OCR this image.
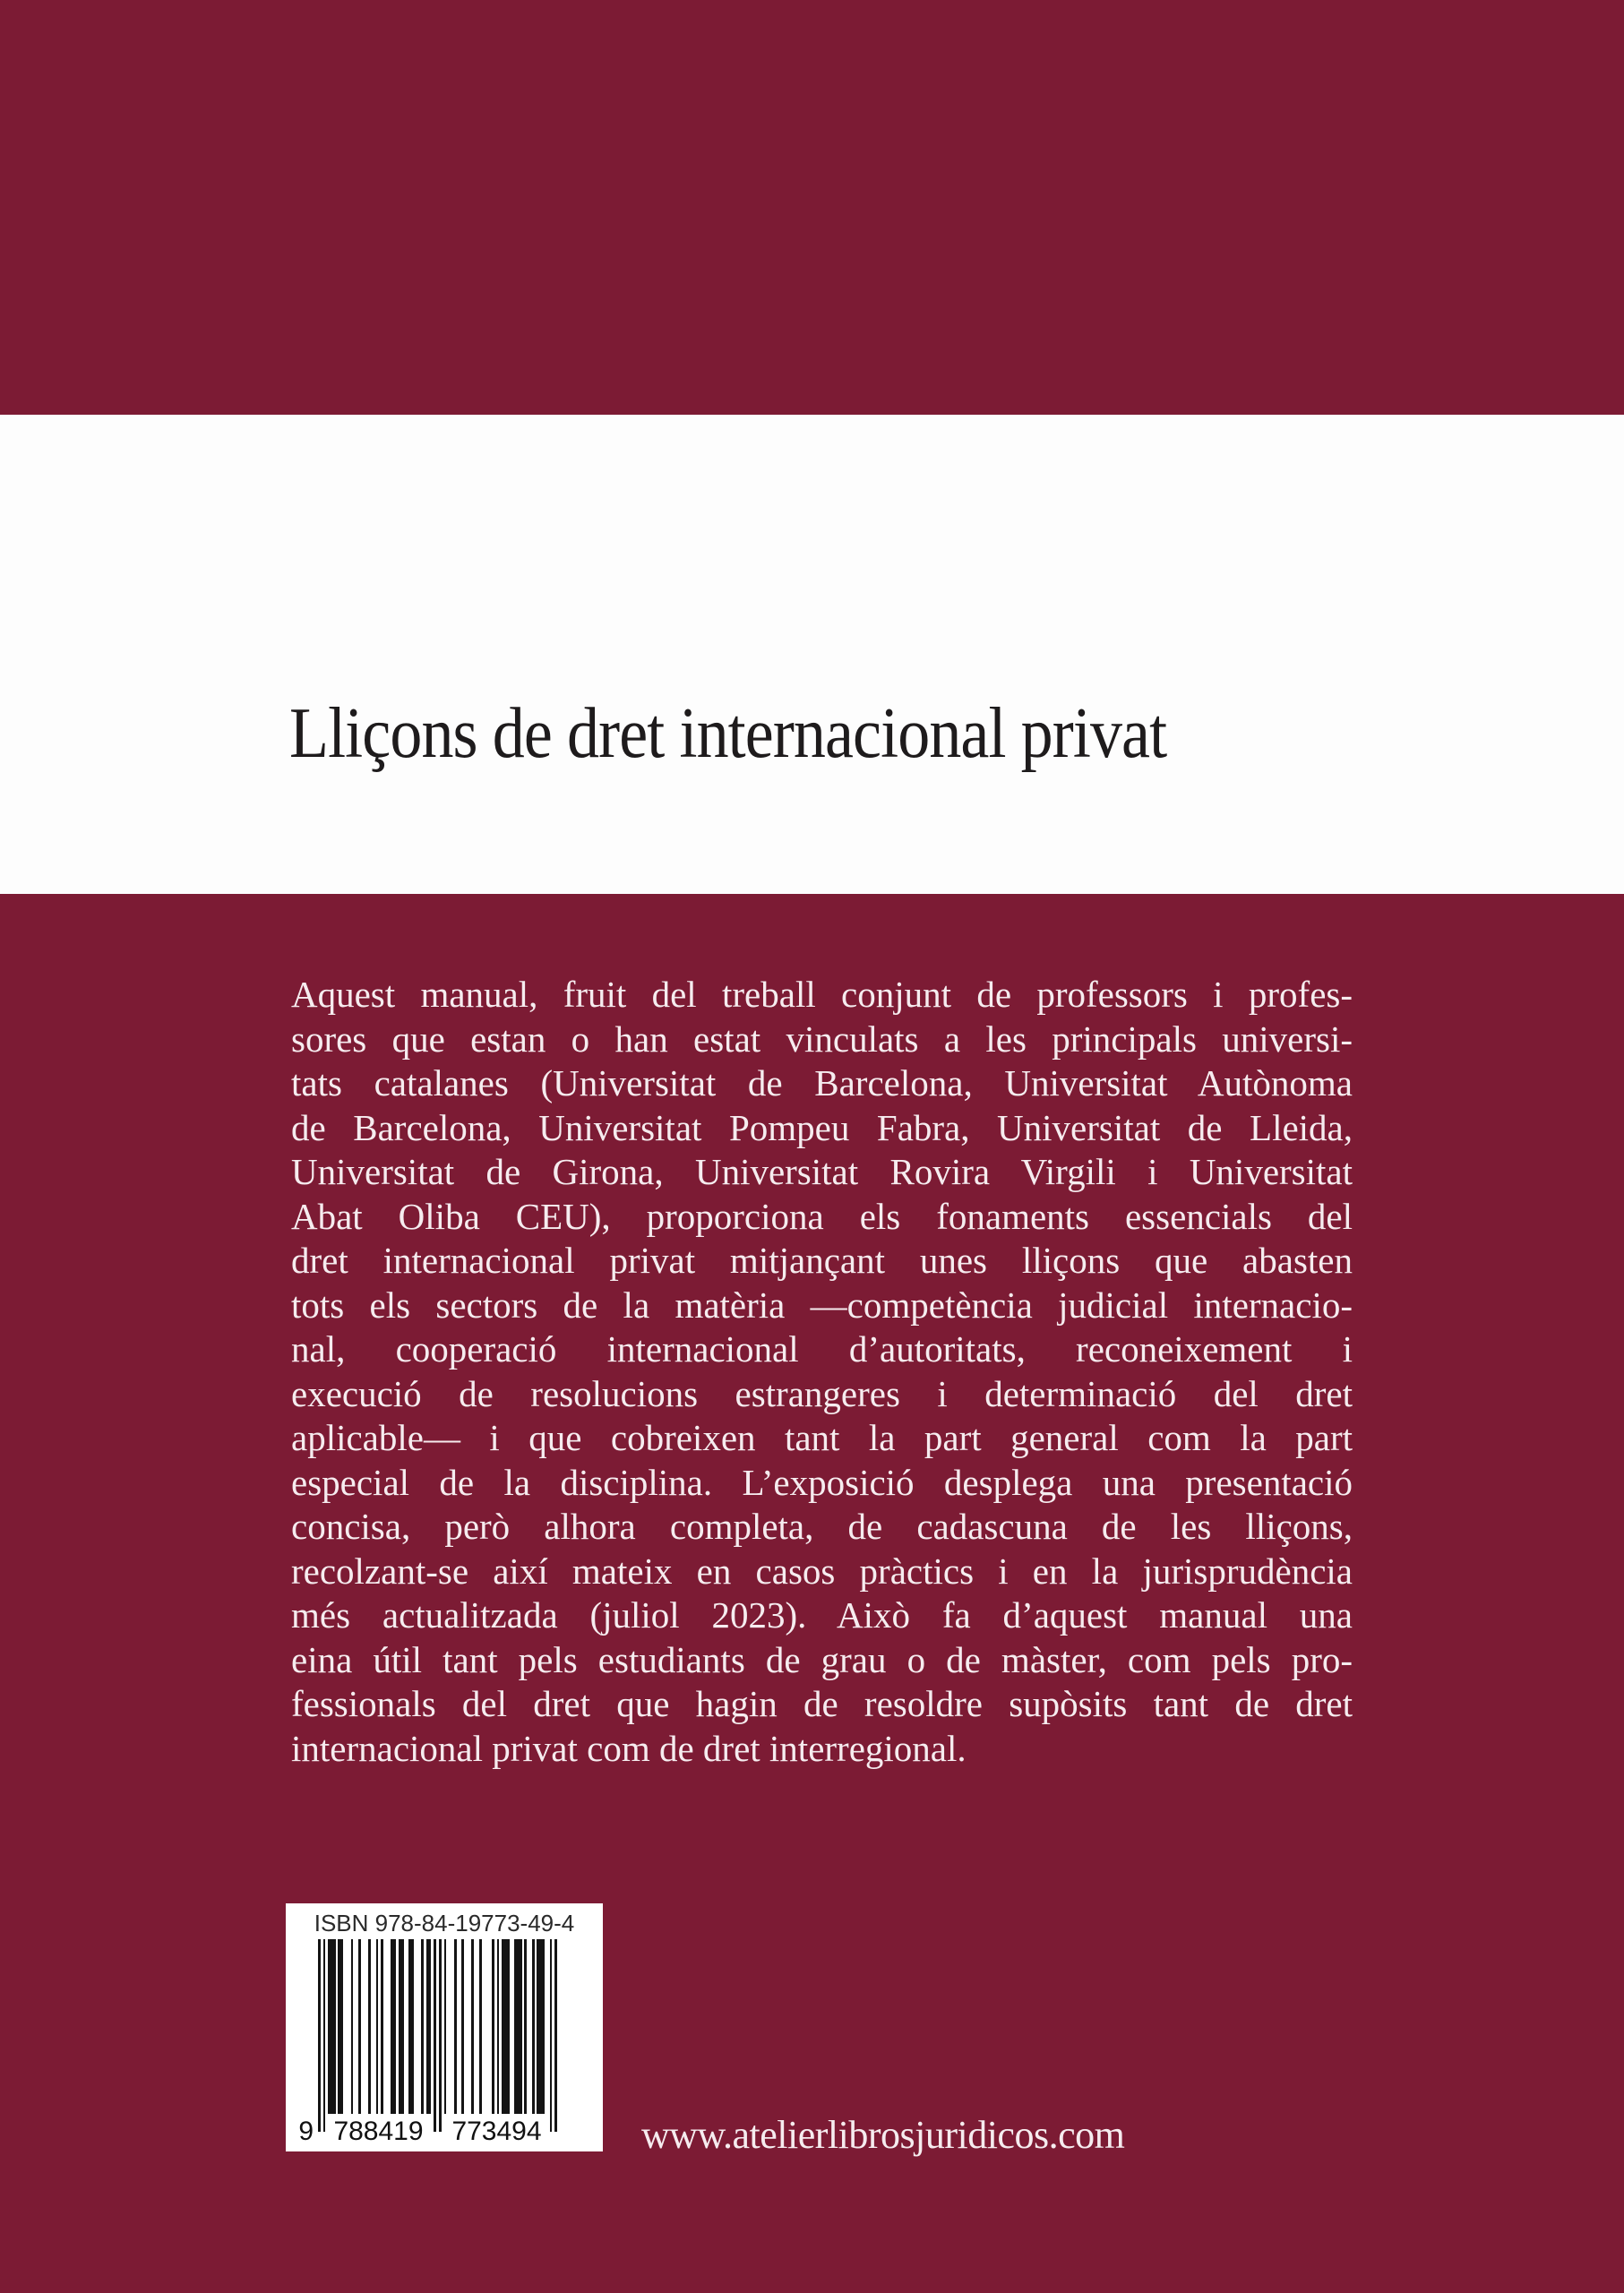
Lliçons de dret internacional privat
Aquest manual, fruit del treball conjunt de professors i profes-
sores que estan o han estat vinculats a les principals universi-
tats catalanes (Universitat de Barcelona, Universitat Autònoma
de Barcelona, Universitat Pompeu Fabra, Universitat de Lleida,
Universitat de Girona, Universitat Rovira Virgili i Universitat
Abat Oliba CEU), proporciona els fonaments essencials del
dret internacional privat mitjançant unes lliçons que abasten
tots els sectors de la matèria —competència judicial internacio-
nal, cooperació internacional d’autoritats, reconeixement i
execució de resolucions estrangeres i determinació del dret
aplicable— i que cobreixen tant la part general com la part
especial de la disciplina. L’exposició desplega una presentació
concisa, però alhora completa, de cadascuna de les lliçons,
recolzant-se així mateix en casos pràctics i en la jurisprudència
més actualitzada (juliol 2023). Això fa d’aquest manual una
eina útil tant pels estudiants de grau o de màster, com pels pro-
fessionals del dret que hagin de resoldre supòsits tant de dret
internacional privat com de dret interregional.
ISBN 978-84-19773-49-4
9 788419	773494	www.atelierlibrosjuridicos.com
